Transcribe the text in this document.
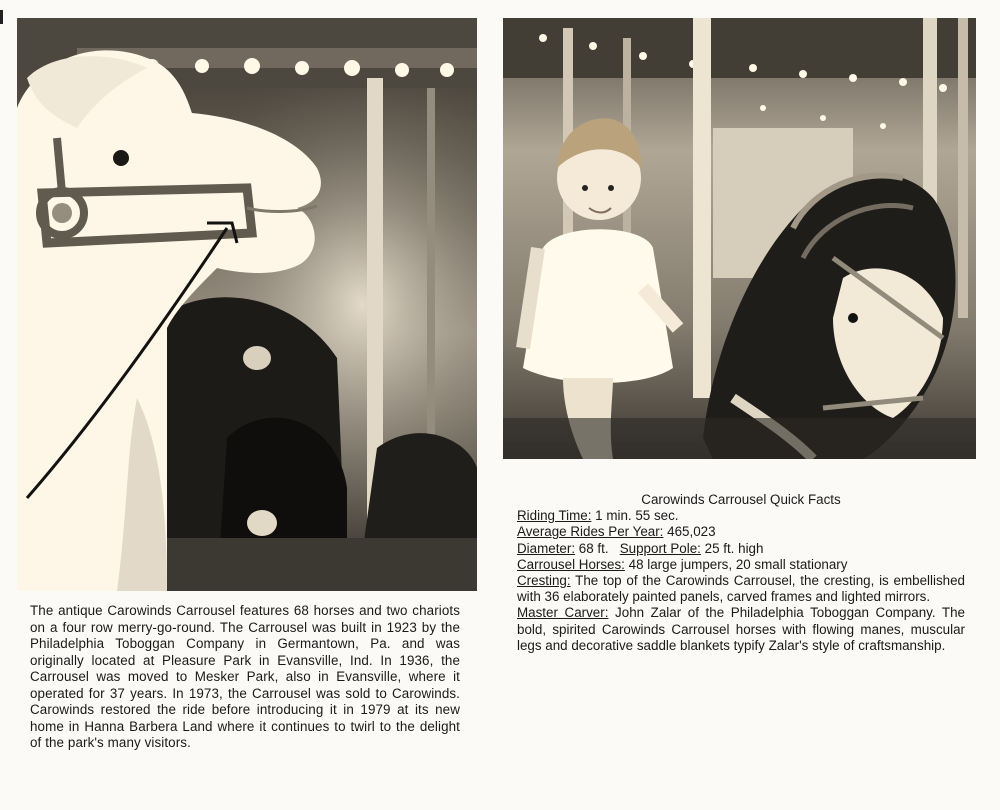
The antique Carowinds Carrousel features 68 horses and two chariots on a four row merry-go-round. The Carrousel was built in 1923 by the Philadelphia Toboggan Company in Germantown, Pa. and was originally located at Pleasure Park in Evansville, Ind. In 1936, the Carrousel was moved to Mesker Park, also in Evansville, where it operated for 37 years. In 1973, the Carrousel was sold to Carowinds. Carowinds restored the ride before introducing it in 1979 at its new home in Hanna Barbera Land where it continues to twirl to the delight of the park's many visitors.
Carowinds Carrousel Quick Facts
Riding Time: 1 min. 55 sec.
Average Rides Per Year: 465,023
Diameter: 68 ft. Support Pole: 25 ft. high
Carrousel Horses: 48 large jumpers, 20 small stationary
Cresting: The top of the Carowinds Carrousel, the cresting, is embellished with 36 elaborately painted panels, carved frames and lighted mirrors.
Master Carver: John Zalar of the Philadelphia Toboggan Company. The bold, spirited Carowinds Carrousel horses with flowing manes, muscular legs and decorative saddle blankets typify Zalar's style of craftsmanship.
